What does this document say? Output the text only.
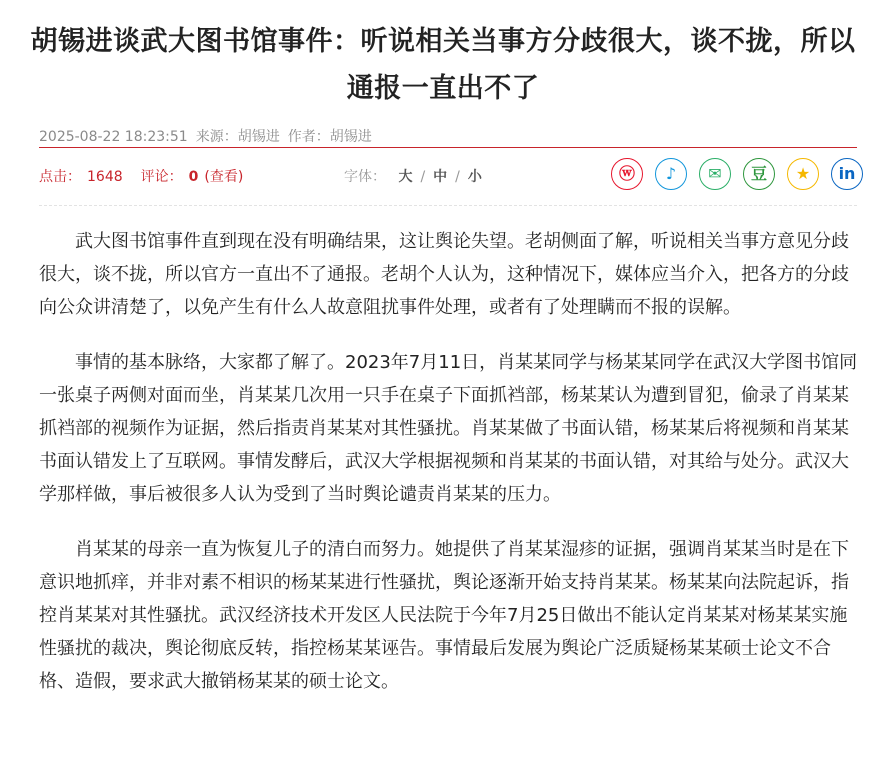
胡锡进谈武大图书馆事件：听说相关当事方分歧很大，谈不拢，所以通报一直出不了
2025-08-22 18:23:51 来源：胡锡进 作者：胡锡进
点击： 1648 评论： 0 (查看)	字体： 大 / 中 / 小	ⓦ ♪ ✉ 豆 ★ in

武大图书馆事件直到现在没有明确结果，这让舆论失望。老胡侧面了解，听说相关当事方意见分歧很大，谈不拢，所以官方一直出不了通报。老胡个人认为，这种情况下，媒体应当介入，把各方的分歧向公众讲清楚了，以免产生有什么人故意阻扰事件处理，或者有了处理瞒而不报的误解。

事情的基本脉络，大家都了解了。2023年7月11日，肖某某同学与杨某某同学在武汉大学图书馆同一张桌子两侧对面而坐，肖某某几次用一只手在桌子下面抓裆部，杨某某认为遭到冒犯，偷录了肖某某抓裆部的视频作为证据，然后指责肖某某对其性骚扰。肖某某做了书面认错，杨某某后将视频和肖某某书面认错发上了互联网。事情发酵后，武汉大学根据视频和肖某某的书面认错，对其给与处分。武汉大学那样做，事后被很多人认为受到了当时舆论谴责肖某某的压力。

肖某某的母亲一直为恢复儿子的清白而努力。她提供了肖某某湿疹的证据，强调肖某某当时是在下意识地抓痒，并非对素不相识的杨某某进行性骚扰，舆论逐渐开始支持肖某某。杨某某向法院起诉，指控肖某某对其性骚扰。武汉经济技术开发区人民法院于今年7月25日做出不能认定肖某某对杨某某实施性骚扰的裁决，舆论彻底反转，指控杨某某诬告。事情最后发展为舆论广泛质疑杨某某硕士论文不合格、造假，要求武大撤销杨某某的硕士论文。
